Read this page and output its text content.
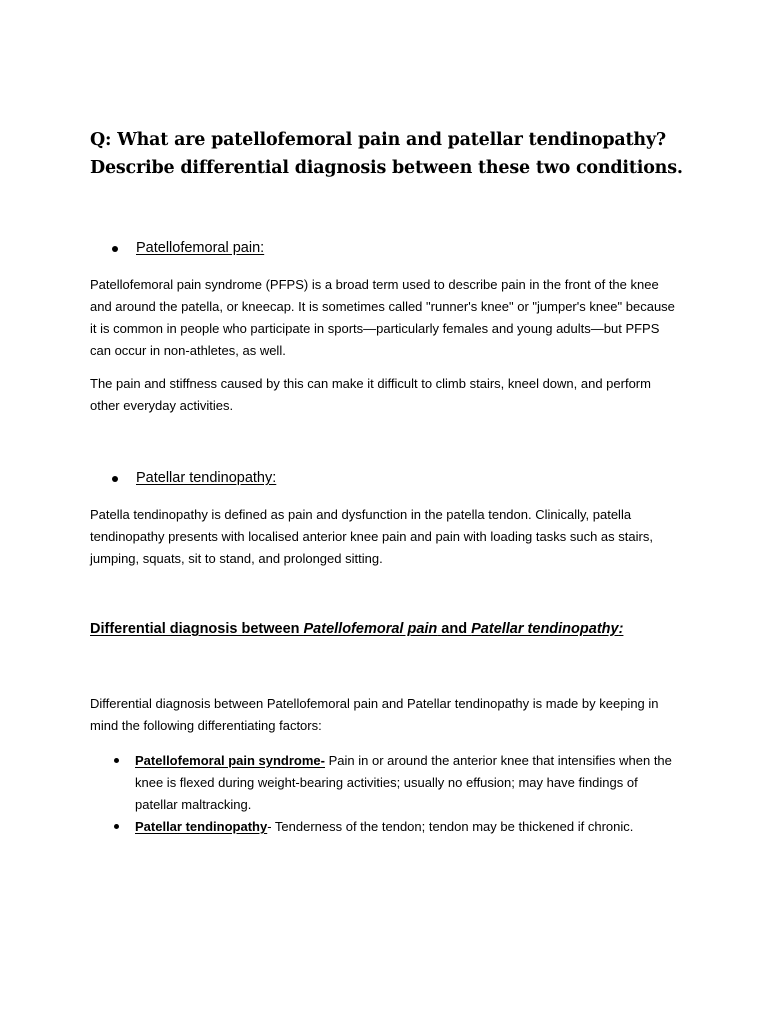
Q: What are patellofemoral pain and patellar tendinopathy?
Describe differential diagnosis between these two conditions.
Patellofemoral pain:

Patellofemoral pain syndrome (PFPS) is a broad term used to describe pain in the front of the knee and around the patella, or kneecap. It is sometimes called "runner's knee" or "jumper's knee" because it is common in people who participate in sports—particularly females and young adults—but PFPS can occur in non-athletes, as well.

The pain and stiffness caused by this can make it difficult to climb stairs, kneel down, and perform other everyday activities.

Patellar tendinopathy:

Patella tendinopathy is defined as pain and dysfunction in the patella tendon. Clinically, patella tendinopathy presents with localised anterior knee pain and pain with loading tasks such as stairs, jumping, squats, sit to stand, and prolonged sitting.

Differential diagnosis between Patellofemoral pain and Patellar tendinopathy:

Differential diagnosis between Patellofemoral pain and Patellar tendinopathy is made by keeping in mind the following differentiating factors:

Patellofemoral pain syndrome- Pain in or around the anterior knee that intensifies when the knee is flexed during weight-bearing activities; usually no effusion; may have findings of patellar maltracking.
Patellar tendinopathy- Tenderness of the tendon; tendon may be thickened if chronic.
